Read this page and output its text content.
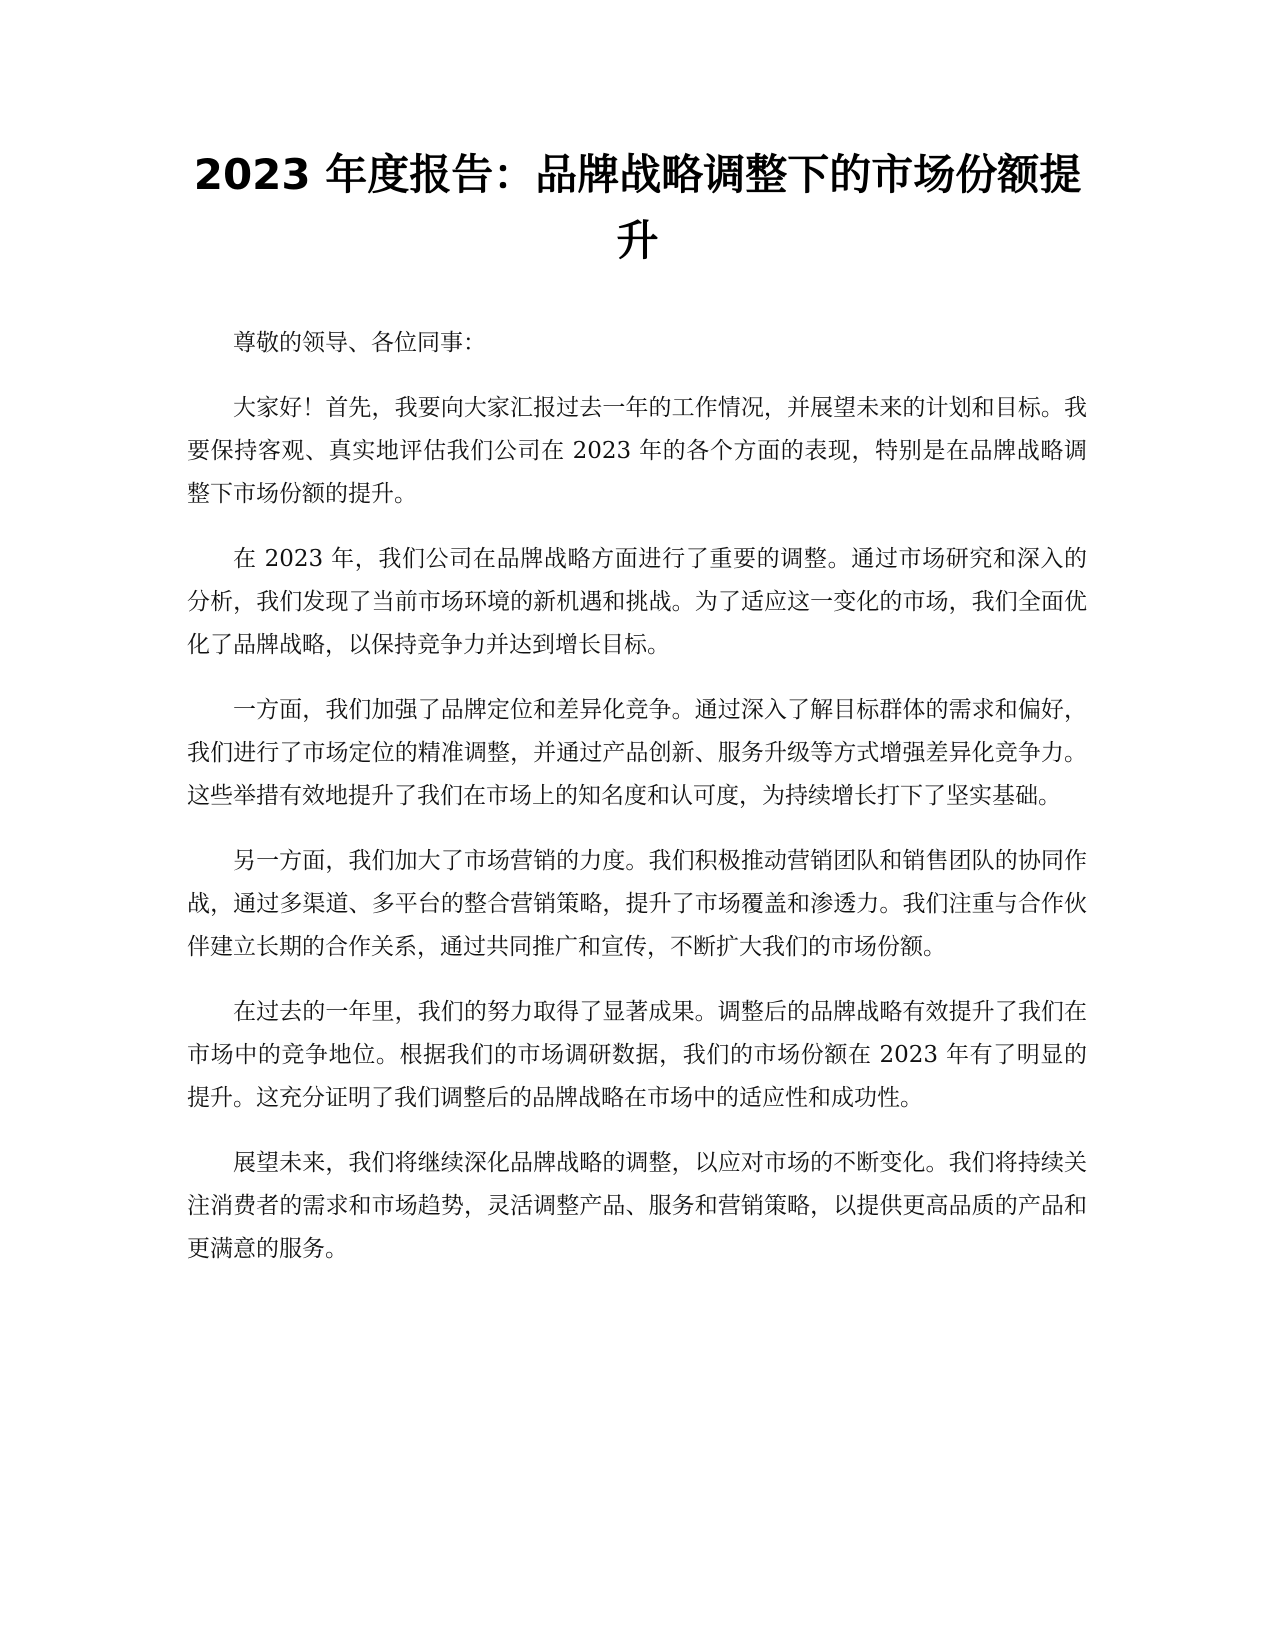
2023 年度报告：品牌战略调整下的市场份额提升

尊敬的领导、各位同事：

大家好！首先，我要向大家汇报过去一年的工作情况，并展望未来的计划和目标。我要保持客观、真实地评估我们公司在 2023 年的各个方面的表现，特别是在品牌战略调整下市场份额的提升。

在 2023 年，我们公司在品牌战略方面进行了重要的调整。通过市场研究和深入的分析，我们发现了当前市场环境的新机遇和挑战。为了适应这一变化的市场，我们全面优化了品牌战略，以保持竞争力并达到增长目标。

一方面，我们加强了品牌定位和差异化竞争。通过深入了解目标群体的需求和偏好，我们进行了市场定位的精准调整，并通过产品创新、服务升级等方式增强差异化竞争力。这些举措有效地提升了我们在市场上的知名度和认可度，为持续增长打下了坚实基础。

另一方面，我们加大了市场营销的力度。我们积极推动营销团队和销售团队的协同作战，通过多渠道、多平台的整合营销策略，提升了市场覆盖和渗透力。我们注重与合作伙伴建立长期的合作关系，通过共同推广和宣传，不断扩大我们的市场份额。

在过去的一年里，我们的努力取得了显著成果。调整后的品牌战略有效提升了我们在市场中的竞争地位。根据我们的市场调研数据，我们的市场份额在 2023 年有了明显的提升。这充分证明了我们调整后的品牌战略在市场中的适应性和成功性。

展望未来，我们将继续深化品牌战略的调整，以应对市场的不断变化。我们将持续关注消费者的需求和市场趋势，灵活调整产品、服务和营销策略，以提供更高品质的产品和更满意的服务。
